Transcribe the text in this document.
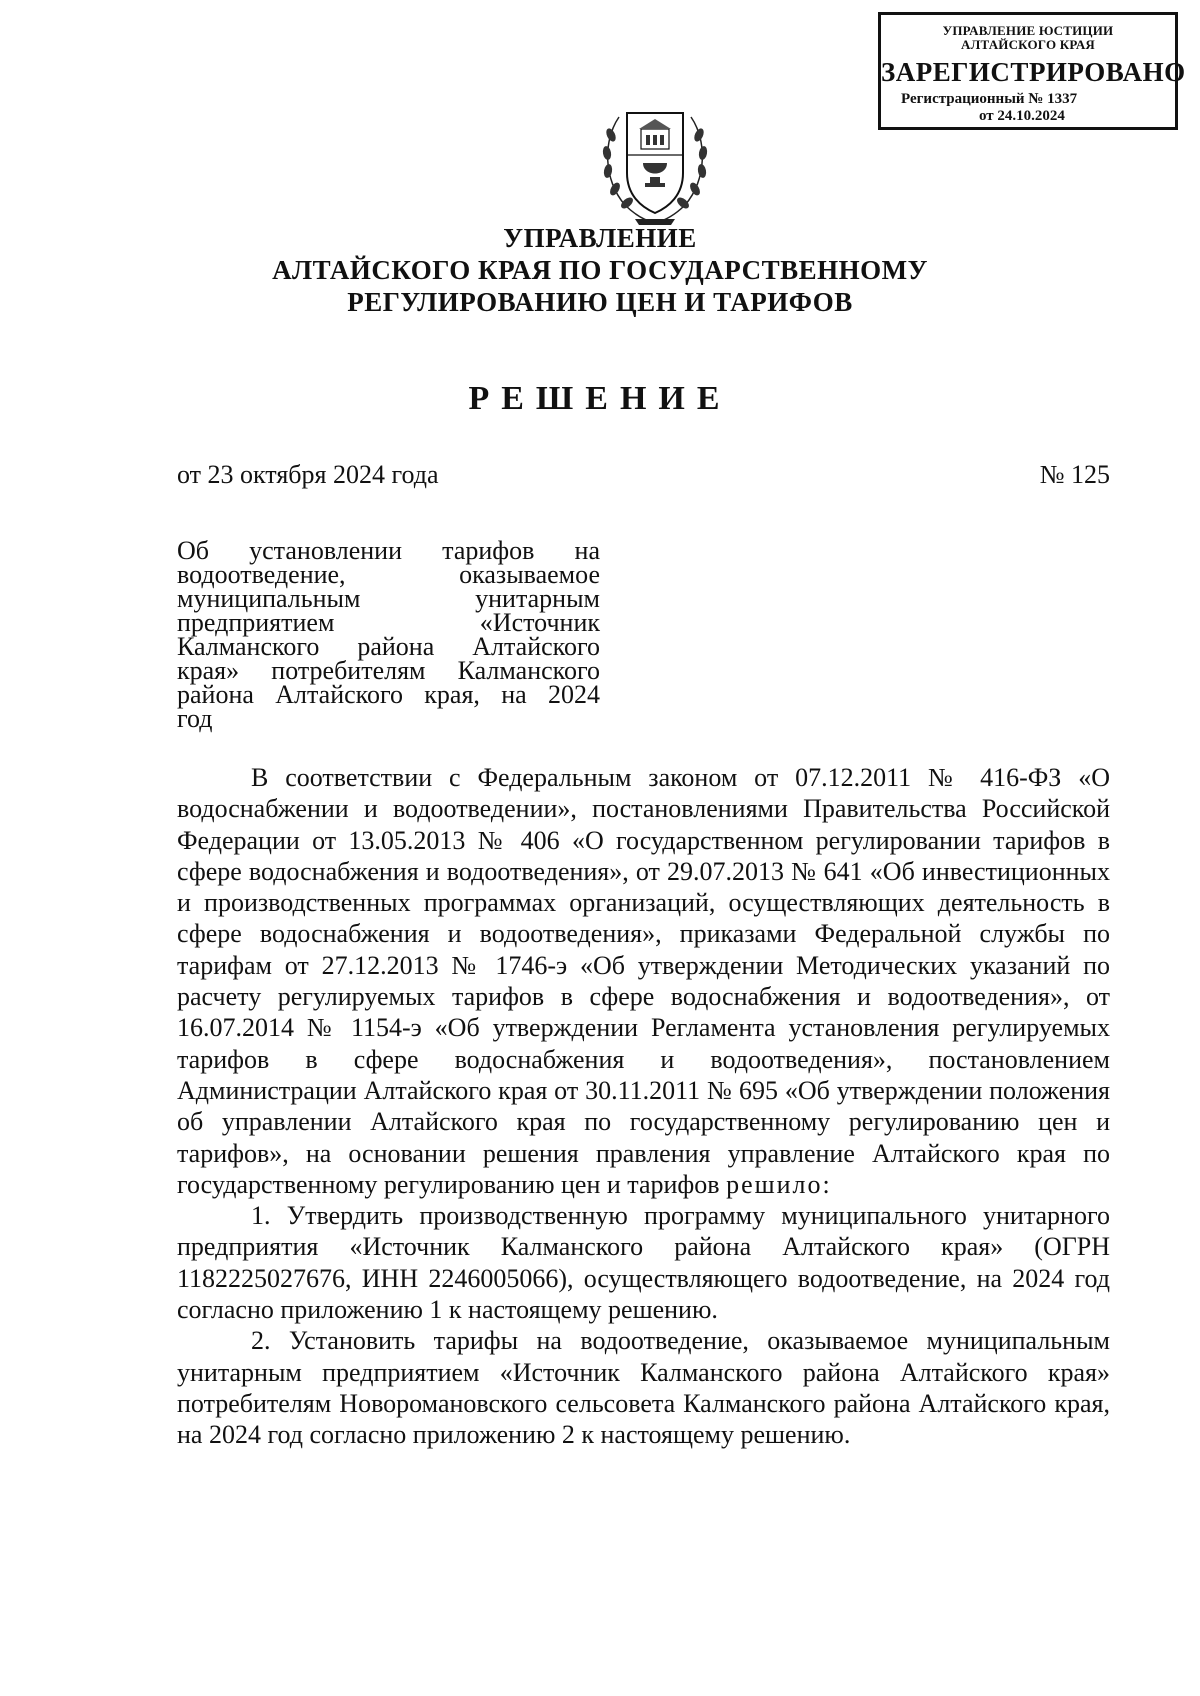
УПРАВЛЕНИЕ ЮСТИЦИИ
АЛТАЙСКОГО КРАЯ
ЗАРЕГИСТРИРОВАНО
Регистрационный № 1337
от 24.10.2024
УПРАВЛЕНИЕ
АЛТАЙСКОГО КРАЯ ПО ГОСУДАРСТВЕННОМУ
РЕГУЛИРОВАНИЮ ЦЕН И ТАРИФОВ
РЕШЕНИЕ
от 23 октября 2024 года	№ 125
Об установлении тарифов на
водоотведение, оказываемое
муниципальным унитарным
предприятием «Источник
Калманского района Алтайского
края» потребителям Калманского
района Алтайского края, на 2024
год

В соответствии с Федеральным законом от 07.12.2011 № 416-ФЗ «О водоснабжении и водоотведении», постановлениями Правительства Российской Федерации от 13.05.2013 № 406 «О государственном регулировании тарифов в сфере водоснабжения и водоотведения», от 29.07.2013 № 641 «Об инвестиционных и производственных программах организаций, осуществляющих деятельность в сфере водоснабжения и водоотведения», приказами Федеральной службы по тарифам от 27.12.2013 № 1746-э «Об утверждении Методических указаний по расчету регулируемых тарифов в сфере водоснабжения и водоотведения», от 16.07.2014 № 1154-э «Об утверждении Регламента установления регулируемых тарифов в сфере водоснабжения и водоотведения», постановлением Администрации Алтайского края от 30.11.2011 № 695 «Об утверждении положения об управлении Алтайского края по государственному регулированию цен и тарифов», на основании решения правления управление Алтайского края по государственному регулированию цен и тарифов решило:

1. Утвердить производственную программу муниципального унитарного предприятия «Источник Калманского района Алтайского края» (ОГРН 1182225027676, ИНН 2246005066), осуществляющего водоотведение, на 2024 год согласно приложению 1 к настоящему решению.

2. Установить тарифы на водоотведение, оказываемое муниципальным унитарным предприятием «Источник Калманского района Алтайского края» потребителям Новоромановского сельсовета Калманского района Алтайского края, на 2024 год согласно приложению 2 к настоящему решению.
